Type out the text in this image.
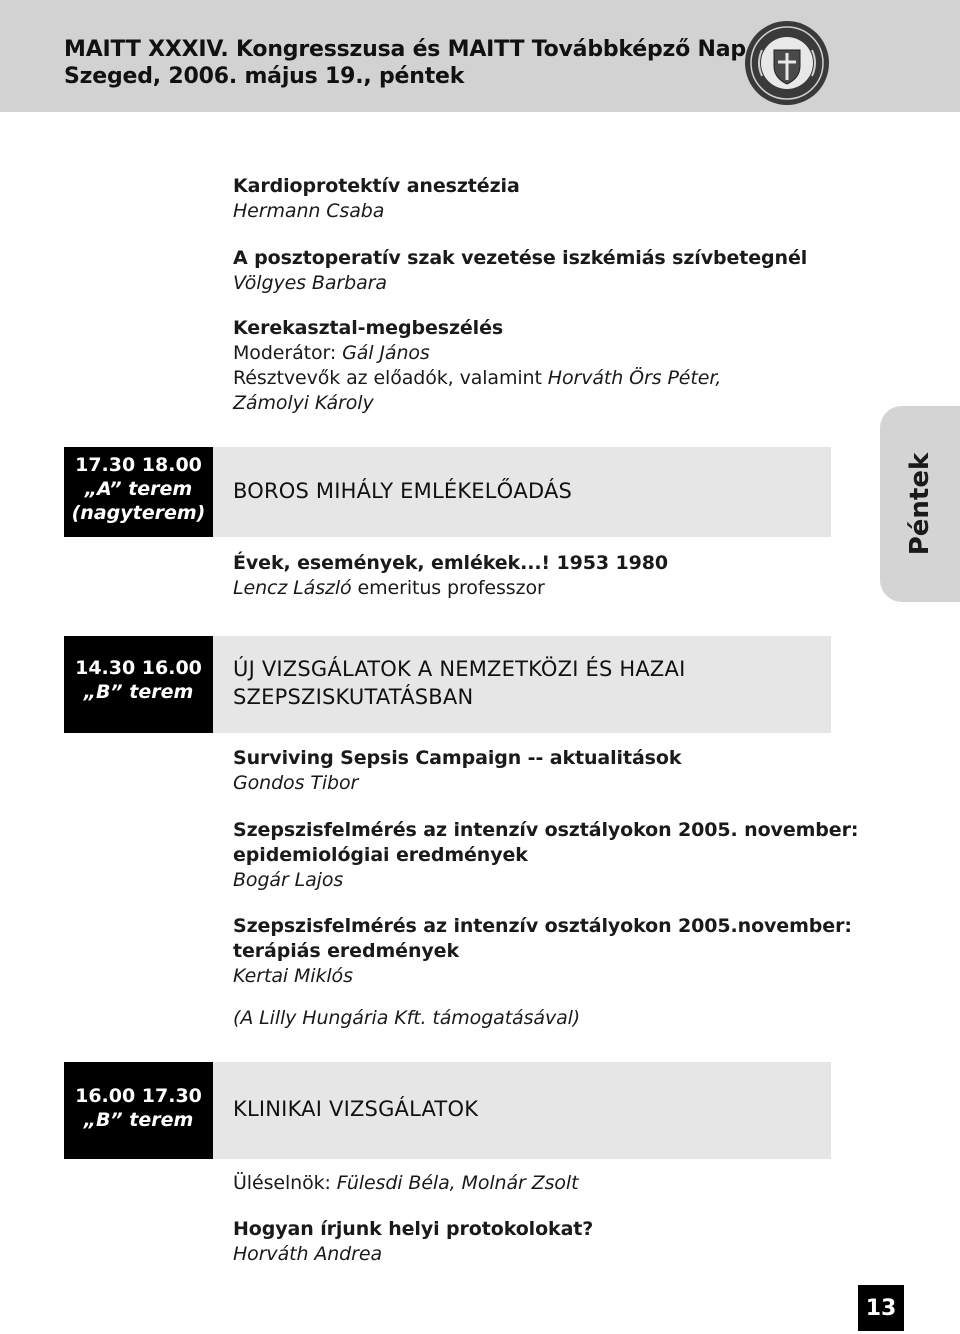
MAITT XXXIV. Kongresszusa és MAITT Továbbképző Nap
Szeged, 2006. május 19., péntek
Kardioprotektív anesztézia
Hermann Csaba
A posztoperatív szak vezetése iszkémiás szívbetegnél
Völgyes Barbara
Kerekasztal-megbeszélés
Moderátor: Gál János
Résztvevők az előadók, valamint Horváth Örs Péter,
Zámolyi Károly
17.30 18.00
„A” terem
(nagyterem)
BOROS MIHÁLY EMLÉKELŐADÁS
Évek, események, emlékek...! 1953 1980
Lencz László emeritus professzor
Péntek
14.30 16.00
„B” terem
ÚJ VIZSGÁLATOK A NEMZETKÖZI ÉS HAZAI
SZEPSZISKUTATÁSBAN
Surviving Sepsis Campaign -- aktualitások
Gondos Tibor
Szepszisfelmérés az intenzív osztályokon 2005. november:
epidemiológiai eredmények
Bogár Lajos
Szepszisfelmérés az intenzív osztályokon 2005.november:
terápiás eredmények
Kertai Miklós
(A Lilly Hungária Kft. támogatásával)
16.00 17.30
„B” terem	KLINIKAI VIZSGÁLATOK
Üléselnök: Fülesdi Béla, Molnár Zsolt
Hogyan írjunk helyi protokolokat?
Horváth Andrea
13
